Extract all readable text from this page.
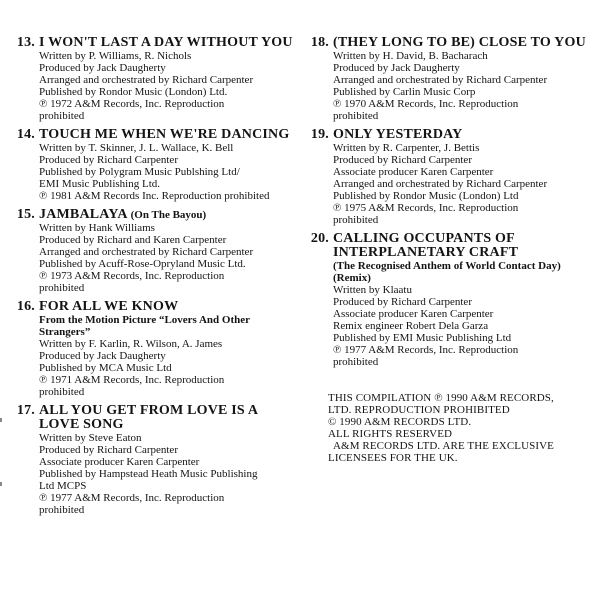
13. I WON'T LAST A DAY WITHOUT YOU
Written by P. Williams, R. Nichols
Produced by Jack Daugherty
Arranged and orchestrated by Richard Carpenter
Published by Rondor Music (London) Ltd.
℗ 1972 A&M Records, Inc. Reproduction
prohibited
14. TOUCH ME WHEN WE'RE DANCING
Written by T. Skinner, J. L. Wallace, K. Bell
Produced by Richard Carpenter
Published by Polygram Music Publshing Ltd/
EMI Music Publishing Ltd.
℗ 1981 A&M Records Inc. Reproduction prohibited
15. JAMBALAYA (On The Bayou)
Written by Hank Williams
Produced by Richard and Karen Carpenter
Arranged and orchestrated by Richard Carpenter
Published by Acuff-Rose-Opryland Music Ltd.
℗ 1973 A&M Records, Inc. Reproduction
prohibited
16. FOR ALL WE KNOW
From the Motion Picture “Lovers And Other Strangers”
Written by F. Karlin, R. Wilson, A. James
Produced by Jack Daugherty
Published by MCA Music Ltd
℗ 1971 A&M Records, Inc. Reproduction
prohibited
17. ALL YOU GET FROM LOVE IS A LOVE SONG
Written by Steve Eaton
Produced by Richard Carpenter
Associate producer Karen Carpenter
Published by Hampstead Heath Music Publishing
Ltd MCPS
℗ 1977 A&M Records, Inc. Reproduction
prohibited
18. (THEY LONG TO BE) CLOSE TO YOU
Written by H. David, B. Bacharach
Produced by Jack Daugherty
Arranged and orchestrated by Richard Carpenter
Published by Carlin Music Corp
℗ 1970 A&M Records, Inc. Reproduction
prohibited
19. ONLY YESTERDAY
Written by R. Carpenter, J. Bettis
Produced by Richard Carpenter
Associate producer Karen Carpenter
Arranged and orchestrated by Richard Carpenter
Published by Rondor Music (London) Ltd
℗ 1975 A&M Records, Inc. Reproduction
prohibited
20. CALLING OCCUPANTS OF INTERPLANETARY CRAFT
(The Recognised Anthem of World Contact Day) (Remix)
Written by Klaatu
Produced by Richard Carpenter
Associate producer Karen Carpenter
Remix engineer Robert Dela Garza
Published by EMI Music Publishing Ltd
℗ 1977 A&M Records, Inc. Reproduction
prohibited
THIS COMPILATION ℗ 1990 A&M RECORDS,
LTD. REPRODUCTION PROHIBITED
© 1990 A&M RECORDS LTD.
ALL RIGHTS RESERVED
A&M RECORDS LTD. ARE THE EXCLUSIVE
LICENSEES FOR THE UK.
